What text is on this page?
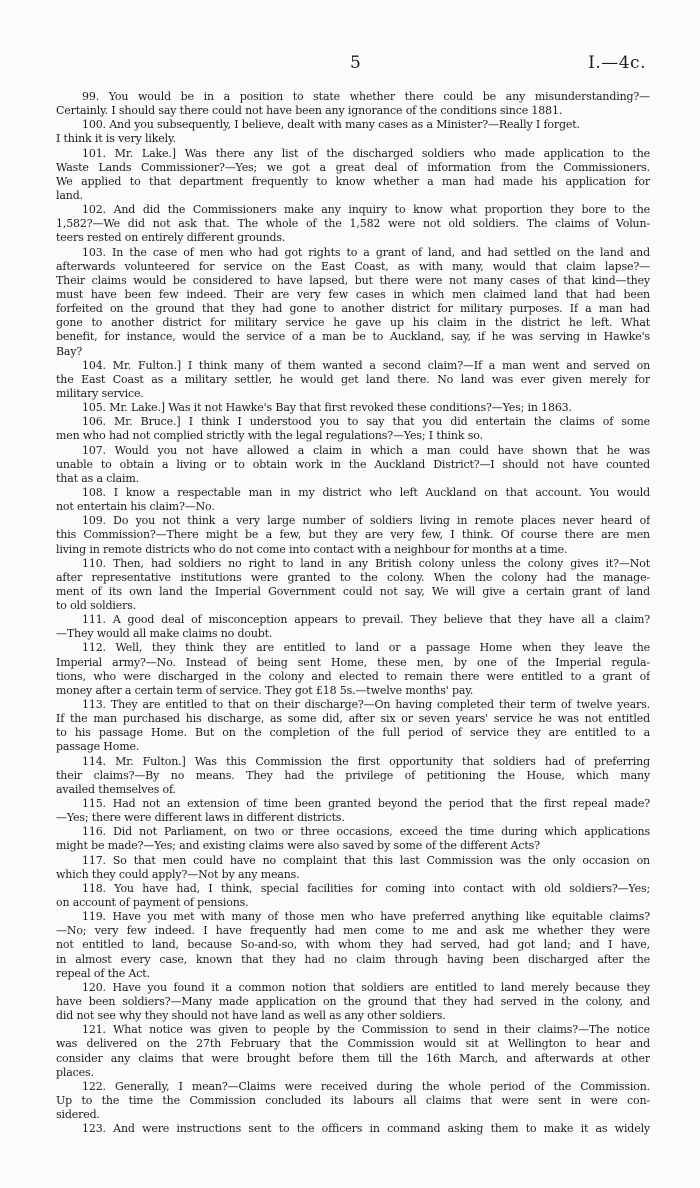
5	I.—4c.
99. You would be in a position to state whether there could be any misunderstanding?—
Certainly. I should say there could not have been any ignorance of the conditions since 1881.
100. And you subsequently, I believe, dealt with many cases as a Minister?—Really I forget.
I think it is very likely.
101. Mr. Lake.] Was there any list of the discharged soldiers who made application to the
Waste Lands Commissioner?—Yes; we got a great deal of information from the Commissioners.
We applied to that department frequently to know whether a man had made his application for
land.
102. And did the Commissioners make any inquiry to know what proportion they bore to the
1,582?—We did not ask that. The whole of the 1,582 were not old soldiers. The claims of Volun-
teers rested on entirely different grounds.
103. In the case of men who had got rights to a grant of land, and had settled on the land and
afterwards volunteered for service on the East Coast, as with many, would that claim lapse?—
Their claims would be considered to have lapsed, but there were not many cases of that kind—they
must have been few indeed. Their are very few cases in which men claimed land that had been
forfeited on the ground that they had gone to another district for military purposes. If a man had
gone to another district for military service he gave up his claim in the district he left. What
benefit, for instance, would the service of a man be to Auckland, say, if he was serving in Hawke's
Bay?
104. Mr. Fulton.] I think many of them wanted a second claim?—If a man went and served on
the East Coast as a military settler, he would get land there. No land was ever given merely for
military service.
105. Mr. Lake.] Was it not Hawke's Bay that first revoked these conditions?—Yes; in 1863.
106. Mr. Bruce.] I think I understood you to say that you did entertain the claims of some
men who had not complied strictly with the legal regulations?—Yes; I think so.
107. Would you not have allowed a claim in which a man could have shown that he was
unable to obtain a living or to obtain work in the Auckland District?—I should not have counted
that as a claim.
108. I know a respectable man in my district who left Auckland on that account. You would
not entertain his claim?—No.
109. Do you not think a very large number of soldiers living in remote places never heard of
this Commission?—There might be a few, but they are very few, I think. Of course there are men
living in remote districts who do not come into contact with a neighbour for months at a time.
110. Then, had soldiers no right to land in any British colony unless the colony gives it?—Not
after representative institutions were granted to the colony. When the colony had the manage-
ment of its own land the Imperial Government could not say, We will give a certain grant of land
to old soldiers.
111. A good deal of misconception appears to prevail. They believe that they have all a claim?
—They would all make claims no doubt.
112. Well, they think they are entitled to land or a passage Home when they leave the
Imperial army?—No. Instead of being sent Home, these men, by one of the Imperial regula-
tions, who were discharged in the colony and elected to remain there were entitled to a grant of
money after a certain term of service. They got £18 5s.—twelve months' pay.
113. They are entitled to that on their discharge?—On having completed their term of twelve years.
If the man purchased his discharge, as some did, after six or seven years' service he was not entitled
to his passage Home. But on the completion of the full period of service they are entitled to a
passage Home.
114. Mr. Fulton.] Was this Commission the first opportunity that soldiers had of preferring
their claims?—By no means. They had the privilege of petitioning the House, which many
availed themselves of.
115. Had not an extension of time been granted beyond the period that the first repeal made?
—Yes; there were different laws in different districts.
116. Did not Parliament, on two or three occasions, exceed the time during which applications
might be made?—Yes; and existing claims were also saved by some of the different Acts?
117. So that men could have no complaint that this last Commission was the only occasion on
which they could apply?—Not by any means.
118. You have had, I think, special facilities for coming into contact with old soldiers?—Yes;
on account of payment of pensions.
119. Have you met with many of those men who have preferred anything like equitable claims?
—No; very few indeed. I have frequently had men come to me and ask me whether they were
not entitled to land, because So-and-so, with whom they had served, had got land; and I have,
in almost every case, known that they had no claim through having been discharged after the
repeal of the Act.
120. Have you found it a common notion that soldiers are entitled to land merely because they
have been soldiers?—Many made application on the ground that they had served in the colony, and
did not see why they should not have land as well as any other soldiers.
121. What notice was given to people by the Commission to send in their claims?—The notice
was delivered on the 27th February that the Commission would sit at Wellington to hear and
consider any claims that were brought before them till the 16th March, and afterwards at other
places.
122. Generally, I mean?—Claims were received during the whole period of the Commission.
Up to the time the Commission concluded its labours all claims that were sent in were con-
sidered.
123. And were instructions sent to the officers in command asking them to make it as widely
